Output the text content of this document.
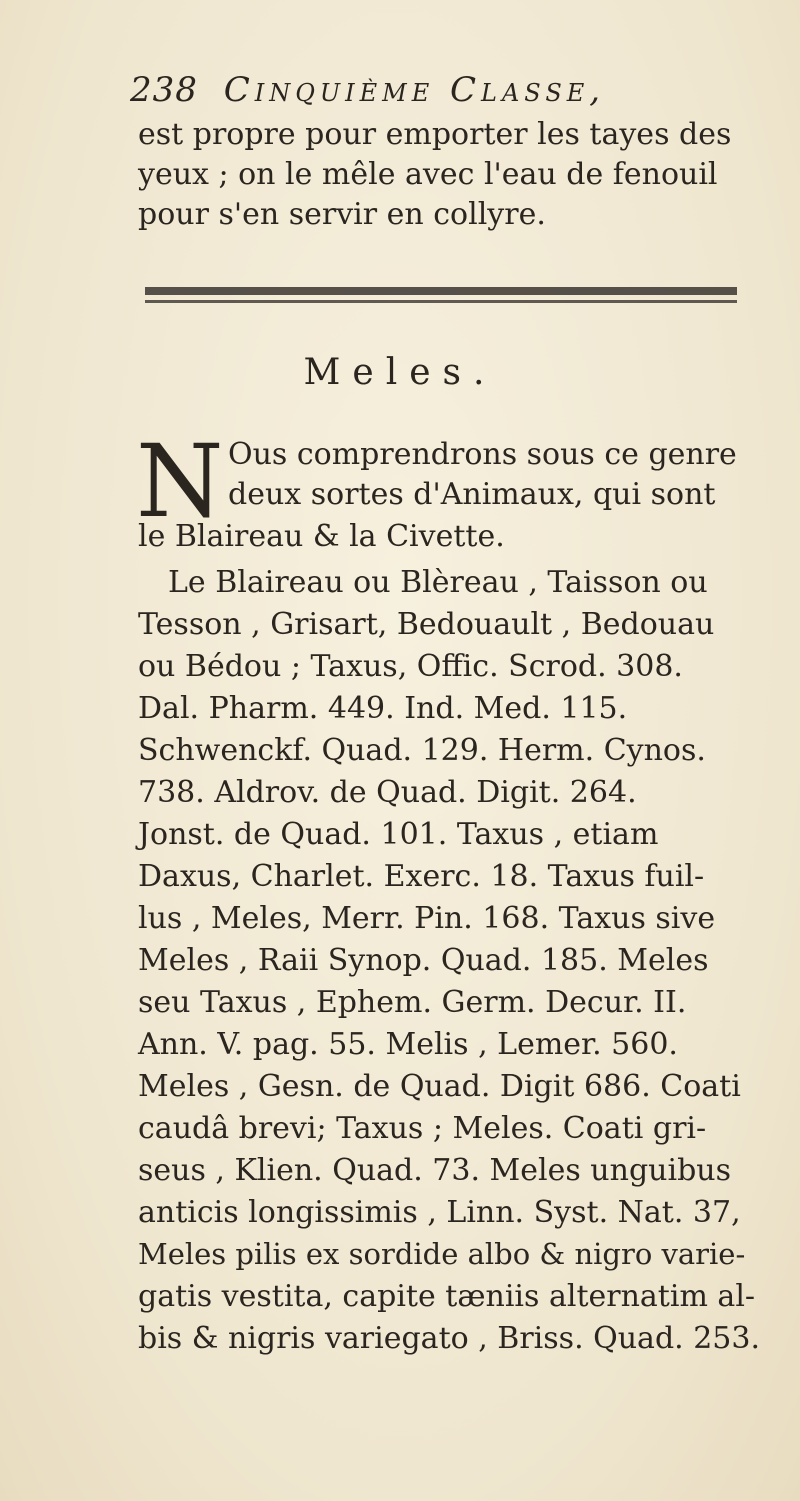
238 Cinquième Classe,
est propre pour emporter les tayes des
yeux ; on le mêle avec l'eau de fenouil
pour s'en servir en collyre.
Meles.
N Ous comprendrons sous ce genre
deux sortes d'Animaux, qui sont
le Blaireau & la Civette.
Le Blaireau ou Blèreau , Taisson ou
Tesson , Grisart, Bedouault , Bedouau
ou Bédou ; Taxus, Offic. Scrod. 308.
Dal. Pharm. 449. Ind. Med. 115.
Schwenckf. Quad. 129. Herm. Cynos.
738. Aldrov. de Quad. Digit. 264.
Jonst. de Quad. 101. Taxus , etiam
Daxus, Charlet. Exerc. 18. Taxus fuil-
lus , Meles, Merr. Pin. 168. Taxus sive
Meles , Raii Synop. Quad. 185. Meles
seu Taxus , Ephem. Germ. Decur. II.
Ann. V. pag. 55. Melis , Lemer. 560.
Meles , Gesn. de Quad. Digit 686. Coati
caudâ brevi; Taxus ; Meles. Coati gri-
seus , Klien. Quad. 73. Meles unguibus
anticis longissimis , Linn. Syst. Nat. 37,
Meles pilis ex sordide albo & nigro varie-
gatis vestita, capite tæniis alternatim al-
bis & nigris variegato , Briss. Quad. 253.
